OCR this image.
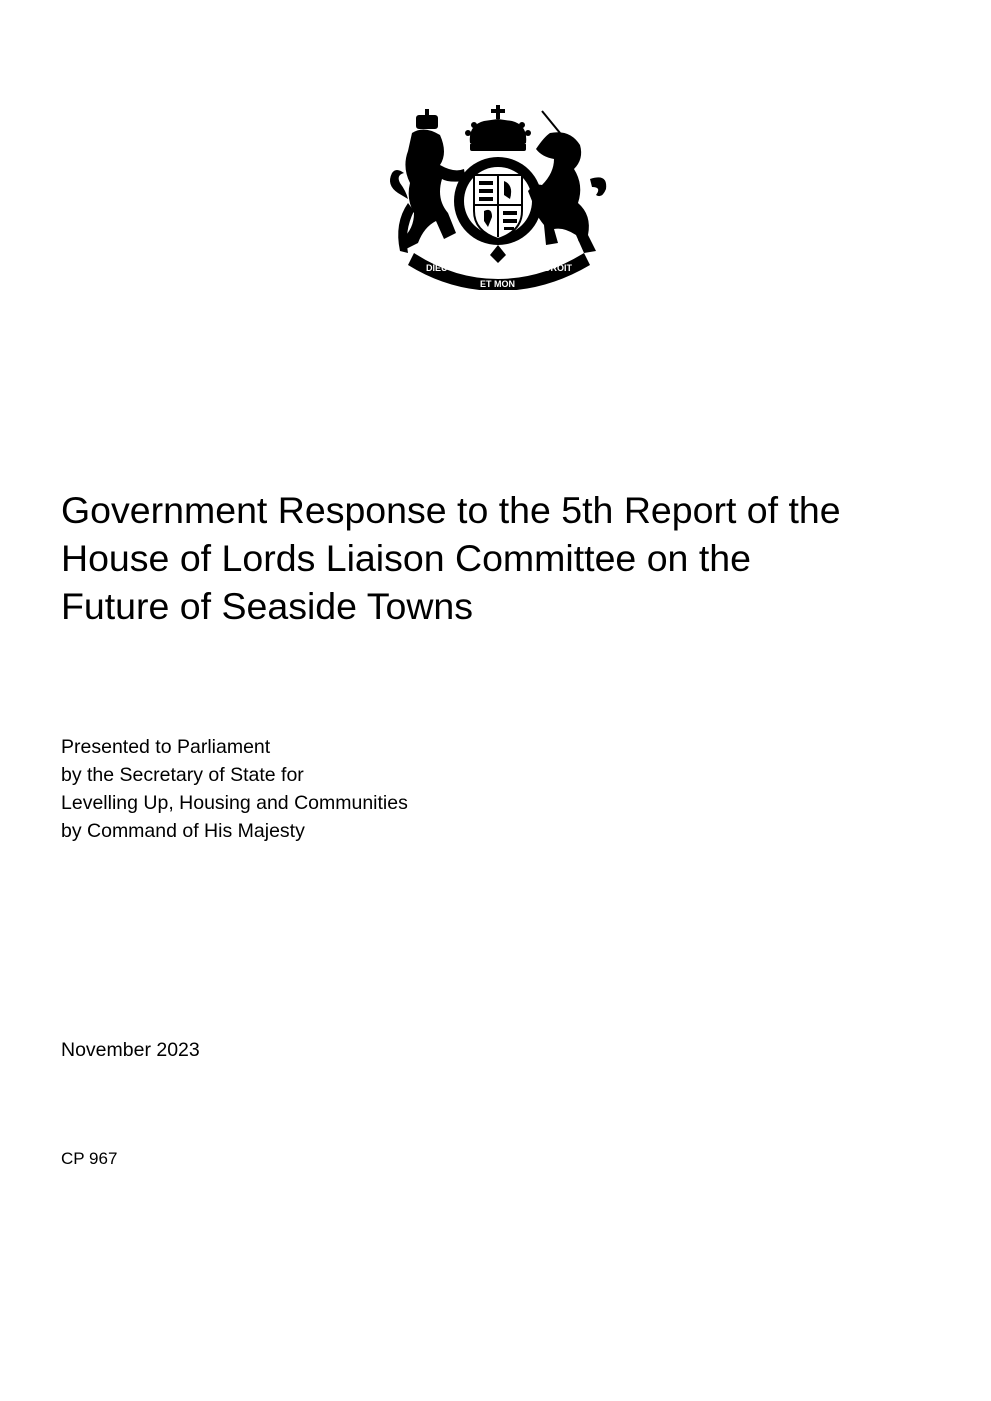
DIEU
ET MON
DROIT
Government Response to the 5th Report of the
House of Lords Liaison Committee on the
Future of Seaside Towns
Presented to Parliament
by the Secretary of State for
Levelling Up, Housing and Communities
by Command of His Majesty
November 2023
CP 967
